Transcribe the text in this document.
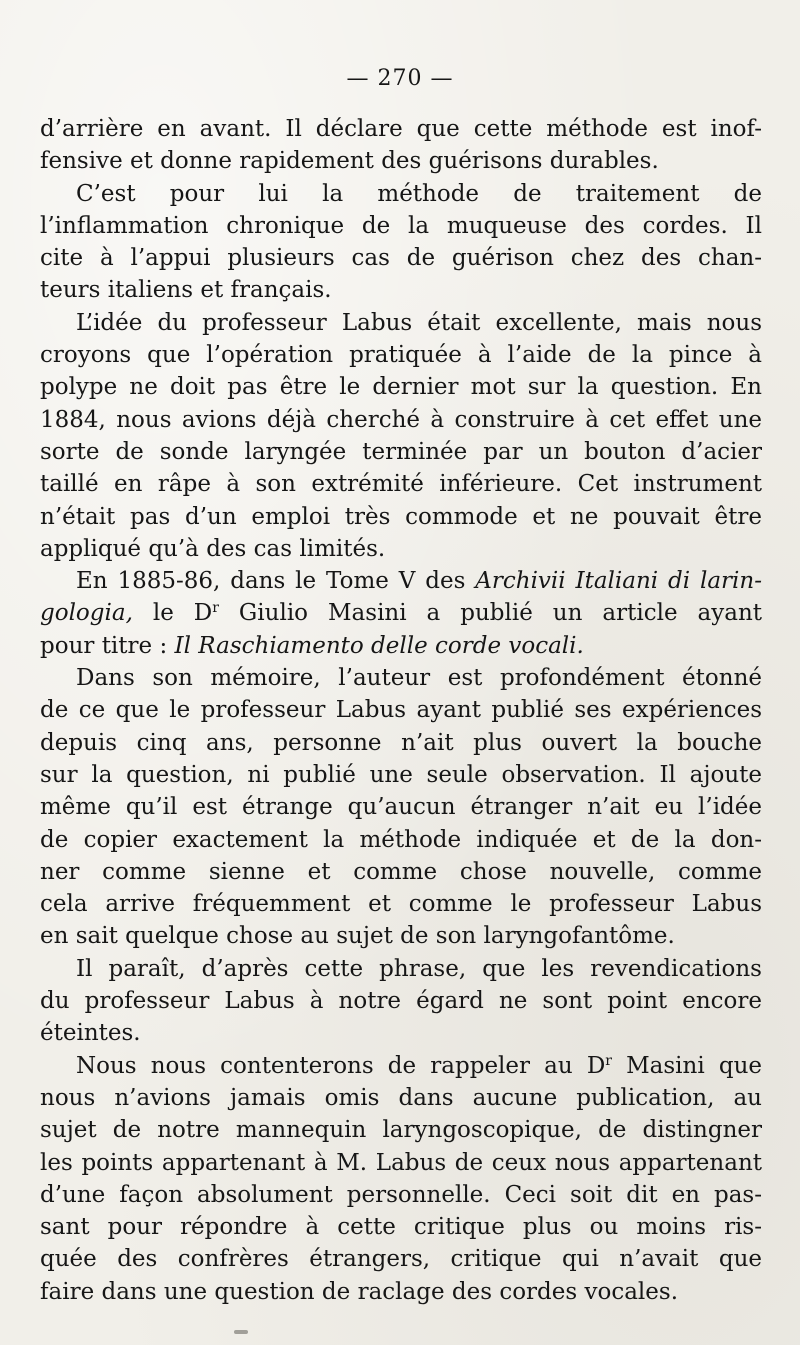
— 270 —
d’arrière en avant. Il déclare que cette méthode est inof-
fensive et donne rapidement des guérisons durables.
C’est pour lui la méthode de traitement de
l’inflammation chronique de la muqueuse des cordes. Il
cite à l’appui plusieurs cas de guérison chez des chan-
teurs italiens et français.
L’idée du professeur Labus était excellente, mais nous
croyons que l’opération pratiquée à l’aide de la pince à
polype ne doit pas être le dernier mot sur la question. En
1884, nous avions déjà cherché à construire à cet effet une
sorte de sonde laryngée terminée par un bouton d’acier
taillé en râpe à son extrémité inférieure. Cet instrument
n’était pas d’un emploi très commode et ne pouvait être
appliqué qu’à des cas limités.
En 1885-86, dans le Tome V des Archivii Italiani di larin-
gologia, le $D^r$ Giulio Masini a publié un article ayant
pour titre : Il Raschiamento delle corde vocali.
Dans son mémoire, l’auteur est profondément étonné
de ce que le professeur Labus ayant publié ses expériences
depuis cinq ans, personne n’ait plus ouvert la bouche
sur la question, ni publié une seule observation. Il ajoute
même qu’il est étrange qu’aucun étranger n’ait eu l’idée
de copier exactement la méthode indiquée et de la don-
ner comme sienne et comme chose nouvelle, comme
cela arrive fréquemment et comme le professeur Labus
en sait quelque chose au sujet de son laryngofantôme.
Il paraît, d’après cette phrase, que les revendications
du professeur Labus à notre égard ne sont point encore
éteintes.
Nous nous contenterons de rappeler au $D^r$ Masini que
nous n’avions jamais omis dans aucune publication, au
sujet de notre mannequin laryngoscopique, de distingner
les points appartenant à M. Labus de ceux nous appartenant
d’une façon absolument personnelle. Ceci soit dit en pas-
sant pour répondre à cette critique plus ou moins ris-
quée des confrères étrangers, critique qui n’avait que
faire dans une question de raclage des cordes vocales.
